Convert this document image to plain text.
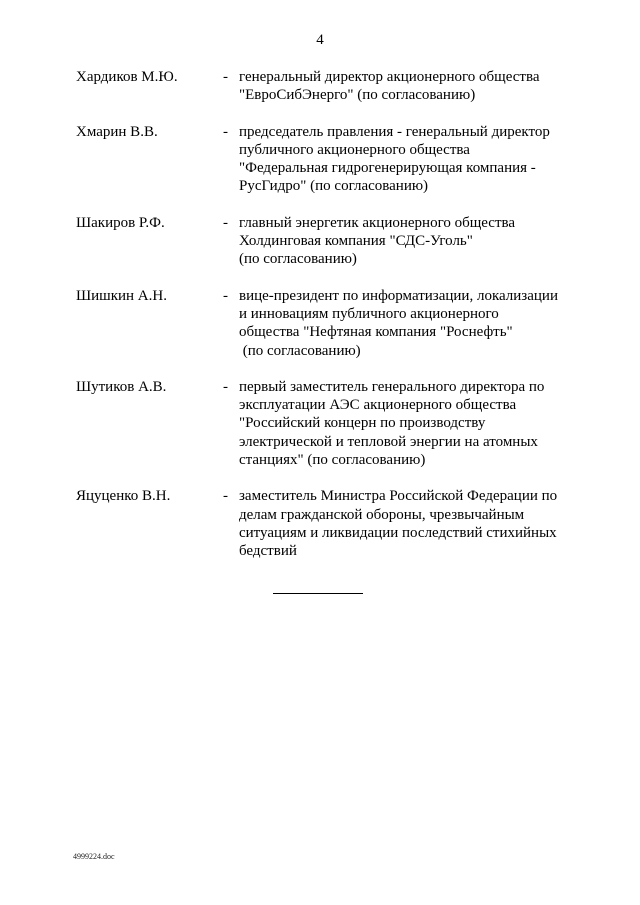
4
Хардиков М.Ю.	- генеральный директор акционерного общества
"ЕвроСибЭнерго" (по согласованию)
Хмарин В.В.	- председатель правления - генеральный директор
публичного акционерного общества
"Федеральная гидрогенерирующая компания -
РусГидро" (по согласованию)
Шакиров Р.Ф.	- главный энергетик акционерного общества
Холдинговая компания "СДС-Уголь"
(по согласованию)
Шишкин А.Н.	- вице-президент по информатизации, локализации
и инновациям публичного акционерного
общества "Нефтяная компания "Роснефть"
(по согласованию)
Шутиков А.В.	- первый заместитель генерального директора по
эксплуатации АЭС акционерного общества
"Российский концерн по производству
электрической и тепловой энергии на атомных
станциях" (по согласованию)
Яцуценко В.Н.	- заместитель Министра Российской Федерации по
делам гражданской обороны, чрезвычайным
ситуациям и ликвидации последствий стихийных
бедствий
4999224.doc
